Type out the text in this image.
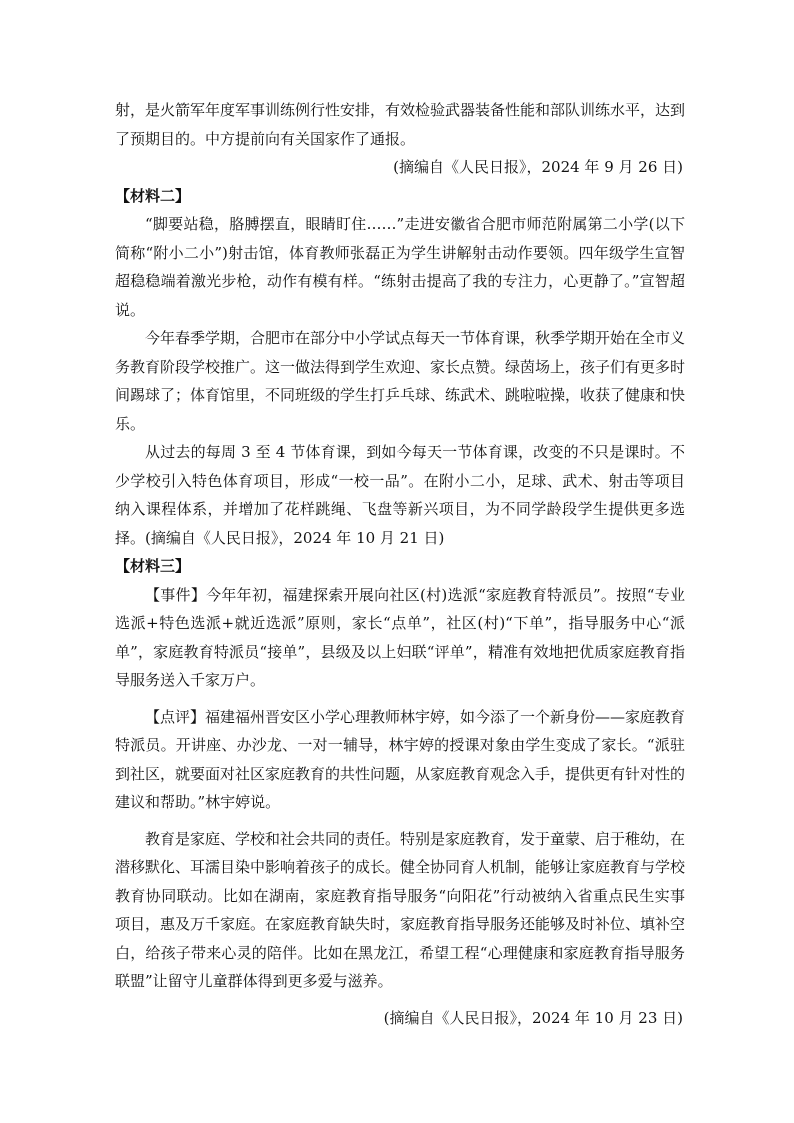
射，是火箭军年度军事训练例行性安排，有效检验武器装备性能和部队训练水平，达到了预期目的。中方提前向有关国家作了通报。

(摘编自《人民日报》，2024 年 9 月 26 日)

【材料二】

“脚要站稳，胳膊摆直，眼睛盯住……”走进安徽省合肥市师范附属第二小学(以下简称“附小二小”)射击馆，体育教师张磊正为学生讲解射击动作要领。四年级学生宣智超稳稳端着激光步枪，动作有模有样。“练射击提高了我的专注力，心更静了。”宣智超说。

今年春季学期，合肥市在部分中小学试点每天一节体育课，秋季学期开始在全市义务教育阶段学校推广。这一做法得到学生欢迎、家长点赞。绿茵场上，孩子们有更多时间踢球了；体育馆里，不同班级的学生打乒乓球、练武术、跳啦啦操，收获了健康和快乐。

从过去的每周 3 至 4 节体育课，到如今每天一节体育课，改变的不只是课时。不少学校引入特色体育项目，形成“一校一品”。在附小二小，足球、武术、射击等项目纳入课程体系，并增加了花样跳绳、飞盘等新兴项目，为不同学龄段学生提供更多选择。(摘编自《人民日报》，2024 年 10 月 21 日)

【材料三】

【事件】今年年初，福建探索开展向社区(村)选派“家庭教育特派员”。按照“专业选派+特色选派+就近选派”原则，家长“点单”，社区(村)“下单”，指导服务中心“派单”，家庭教育特派员“接单”，县级及以上妇联“评单”，精准有效地把优质家庭教育指导服务送入千家万户。

【点评】福建福州晋安区小学心理教师林宇婷，如今添了一个新身份——家庭教育特派员。开讲座、办沙龙、一对一辅导，林宇婷的授课对象由学生变成了家长。“派驻到社区，就要面对社区家庭教育的共性问题，从家庭教育观念入手，提供更有针对性的建议和帮助。”林宇婷说。

教育是家庭、学校和社会共同的责任。特别是家庭教育，发于童蒙、启于稚幼，在潜移默化、耳濡目染中影响着孩子的成长。健全协同育人机制，能够让家庭教育与学校教育协同联动。比如在湖南，家庭教育指导服务“向阳花”行动被纳入省重点民生实事项目，惠及万千家庭。在家庭教育缺失时，家庭教育指导服务还能够及时补位、填补空白，给孩子带来心灵的陪伴。比如在黑龙江，希望工程“心理健康和家庭教育指导服务联盟”让留守儿童群体得到更多爱与滋养。

(摘编自《人民日报》，2024 年 10 月 23 日)
